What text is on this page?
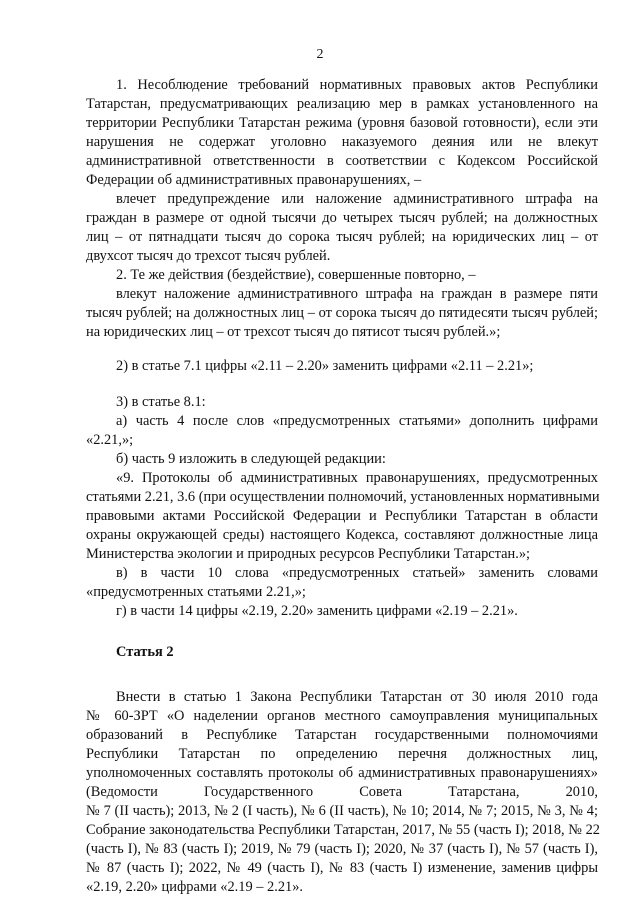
2
1. Несоблюдение требований нормативных правовых актов Республики
Татарстан, предусматривающих реализацию мер в рамках установленного на
территории Республики Татарстан режима (уровня базовой готовности), если эти
нарушения не содержат уголовно наказуемого деяния или не влекут
административной ответственности в соответствии с Кодексом Российской
Федерации об административных правонарушениях, –
влечет предупреждение или наложение административного штрафа на
граждан в размере от одной тысячи до четырех тысяч рублей; на должностных
лиц – от пятнадцати тысяч до сорока тысяч рублей; на юридических лиц – от
двухсот тысяч до трехсот тысяч рублей.
2. Те же действия (бездействие), совершенные повторно, –
влекут наложение административного штрафа на граждан в размере пяти
тысяч рублей; на должностных лиц – от сорока тысяч до пятидесяти тысяч рублей;
на юридических лиц – от трехсот тысяч до пятисот тысяч рублей.»;
2) в статье 7.1 цифры «2.11 – 2.20» заменить цифрами «2.11 – 2.21»;
3) в статье 8.1:
а) часть 4 после слов «предусмотренных статьями» дополнить цифрами
«2.21,»;
б) часть 9 изложить в следующей редакции:
«9. Протоколы об административных правонарушениях, предусмотренных
статьями 2.21, 3.6 (при осуществлении полномочий, установленных нормативными
правовыми актами Российской Федерации и Республики Татарстан в области
охраны окружающей среды) настоящего Кодекса, составляют должностные лица
Министерства экологии и природных ресурсов Республики Татарстан.»;
в) в части 10 слова «предусмотренных статьей» заменить словами
«предусмотренных статьями 2.21,»;
г) в части 14 цифры «2.19, 2.20» заменить цифрами «2.19 – 2.21».
Статья 2
Внести в статью 1 Закона Республики Татарстан от 30 июля 2010 года
№ 60-ЗРТ «О наделении органов местного самоуправления муниципальных
образований в Республике Татарстан государственными полномочиями
Республики Татарстан по определению перечня должностных лиц,
уполномоченных составлять протоколы об административных правонарушениях»
(Ведомости Государственного Совета Татарстана, 2010,
№ 7 (II часть); 2013, № 2 (I часть), № 6 (II часть), № 10; 2014, № 7; 2015, № 3, № 4;
Собрание законодательства Республики Татарстан, 2017, № 55 (часть I); 2018, № 22
(часть I), № 83 (часть I); 2019, № 79 (часть I); 2020, № 37 (часть I), № 57 (часть I),
№ 87 (часть I); 2022, № 49 (часть I), № 83 (часть I) изменение, заменив цифры
«2.19, 2.20» цифрами «2.19 – 2.21».
